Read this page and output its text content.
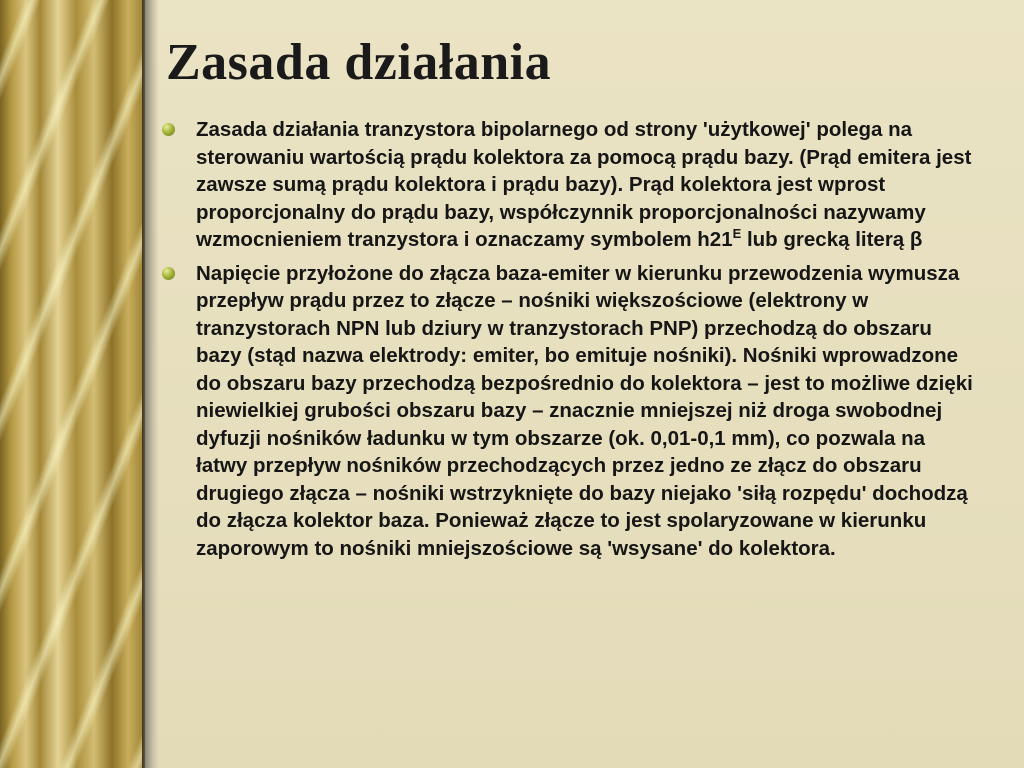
Zasada działania
Zasada działania tranzystora bipolarnego od strony 'użytkowej' polega na sterowaniu wartością prądu kolektora za pomocą prądu bazy. (Prąd emitera jest zawsze sumą prądu kolektora i prądu bazy). Prąd kolektora jest wprost proporcjonalny do prądu bazy, współczynnik proporcjonalności nazywamy wzmocnieniem tranzystora i oznaczamy symbolem $h21^E$ lub grecką literą β
Napięcie przyłożone do złącza baza-emiter w kierunku przewodzenia wymusza przepływ prądu przez to złącze – nośniki większościowe (elektrony w tranzystorach NPN lub dziury w tranzystorach PNP) przechodzą do obszaru bazy (stąd nazwa elektrody: emiter, bo emituje nośniki). Nośniki wprowadzone do obszaru bazy przechodzą bezpośrednio do kolektora – jest to możliwe dzięki niewielkiej grubości obszaru bazy – znacznie mniejszej niż droga swobodnej dyfuzji nośników ładunku w tym obszarze (ok. 0,01-0,1 mm), co pozwala na łatwy przepływ nośników przechodzących przez jedno ze złącz do obszaru drugiego złącza – nośniki wstrzyknięte do bazy niejako 'siłą rozpędu' dochodzą do złącza kolektor baza. Ponieważ złącze to jest spolaryzowane w kierunku zaporowym to nośniki mniejszościowe są 'wsysane' do kolektora.
